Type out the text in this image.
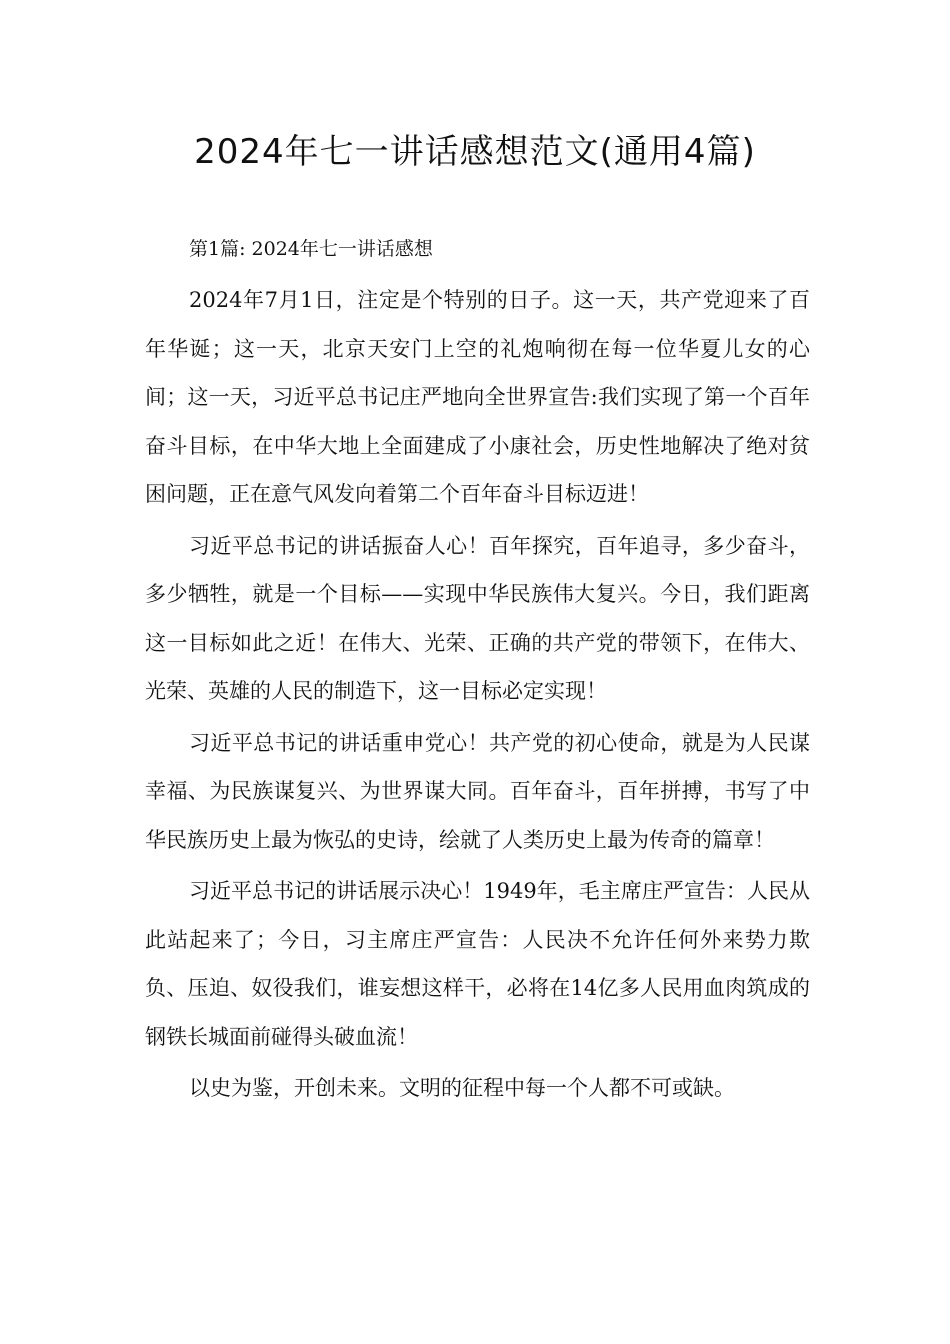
2024年七一讲话感想范文(通用4篇)

第1篇: 2024年七一讲话感想

2024年7月1日，注定是个特别的日子。这一天，共产党迎来了百年华诞；这一天，北京天安门上空的礼炮响彻在每一位华夏儿女的心间；这一天，习近平总书记庄严地向全世界宣告:我们实现了第一个百年奋斗目标，在中华大地上全面建成了小康社会，历史性地解决了绝对贫困问题，正在意气风发向着第二个百年奋斗目标迈进！

习近平总书记的讲话振奋人心！百年探究，百年追寻，多少奋斗，多少牺牲，就是一个目标——实现中华民族伟大复兴。今日，我们距离这一目标如此之近！在伟大、光荣、正确的共产党的带领下，在伟大、光荣、英雄的人民的制造下，这一目标必定实现！

习近平总书记的讲话重申党心！共产党的初心使命，就是为人民谋幸福、为民族谋复兴、为世界谋大同。百年奋斗，百年拼搏，书写了中华民族历史上最为恢弘的史诗，绘就了人类历史上最为传奇的篇章！

习近平总书记的讲话展示决心！1949年，毛主席庄严宣告：人民从此站起来了；今日，习主席庄严宣告：人民决不允许任何外来势力欺负、压迫、奴役我们，谁妄想这样干，必将在14亿多人民用血肉筑成的钢铁长城面前碰得头破血流！

以史为鉴，开创未来。文明的征程中每一个人都不可或缺。
